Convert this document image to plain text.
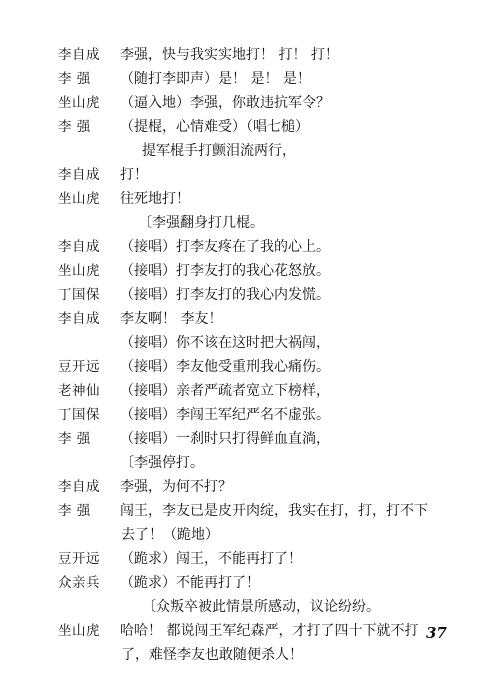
李自成	李强，快与我实实地打！ 打！ 打！
李 强	（随打李即声）是！ 是！ 是！
坐山虎	（逼入地）李强，你敢违抗军令？
李 强	（提棍，心情难受）（唱七槌）
提军棍手打颤泪流两行，
李自成	打！
坐山虎	往死地打！
〔李强翻身打几棍。
李自成	（接唱）打李友疼在了我的心上。
坐山虎	（接唱）打李友打的我心花怒放。
丁国保	（接唱）打李友打的我心内发慌。
李自成	李友啊！ 李友！
（接唱）你不该在这时把大祸闯，
豆开远	（接唱）李友他受重刑我心痛伤。
老神仙	（接唱）亲者严疏者宽立下榜样，
丁国保	（接唱）李闯王军纪严名不虚张。
李 强	（接唱）一刹时只打得鲜血直淌，
〔李强停打。
李自成	李强，为何不打？
李 强	闯王，李友已是皮开肉绽，我实在打，打，打不下
去了！（跪地）
豆开远	（跪求）闯王，不能再打了！
众亲兵	（跪求）不能再打了！
〔众叛卒被此情景所感动，议论纷纷。
坐山虎	哈哈！ 都说闯王军纪森严，才打了四十下就不打
了，难怪李友也敢随便杀人！
37
